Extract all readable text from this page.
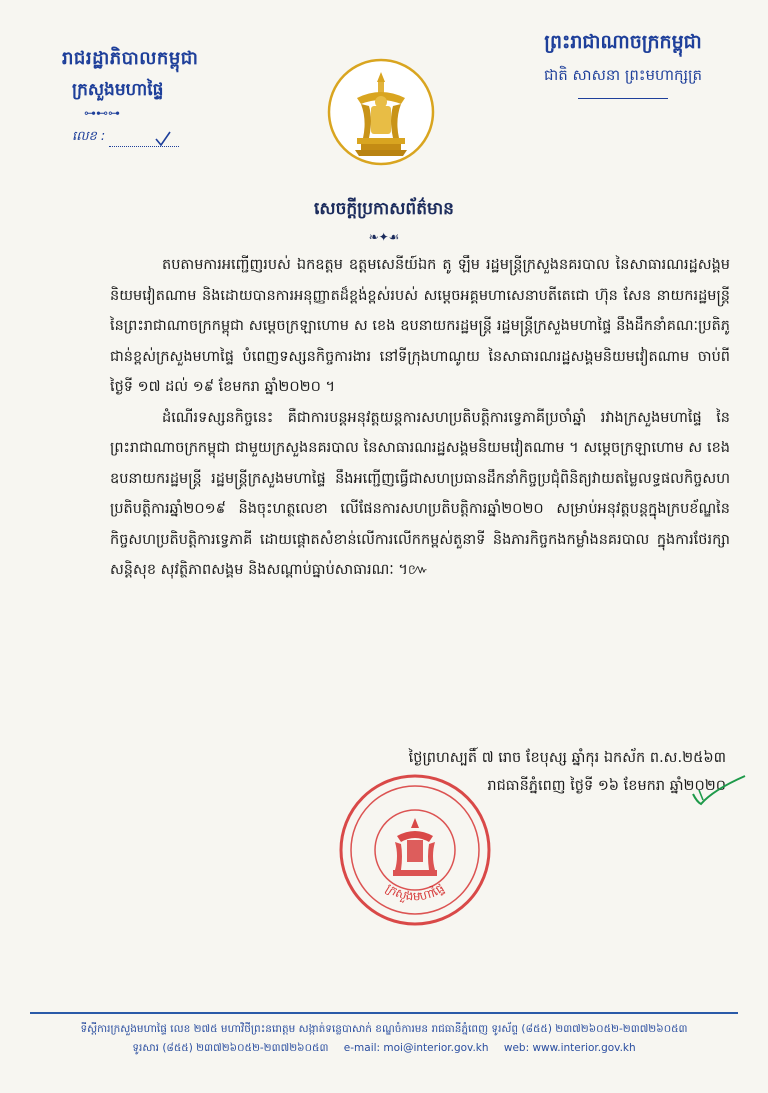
រាជរដ្ឋាភិបាលកម្ពុជា
ក្រសួងមហាផ្ទៃ
⊶⊷⊶
លេខ :
ព្រះរាជាណាចក្រកម្ពុជា
ជាតិ សាសនា ព្រះមហាក្សត្រ
សេចក្តីប្រកាសព័ត៌មាន
❧✦☙

តបតាមការអញ្ជើញរបស់ ឯកឧត្តម ឧត្តមសេនីយ៍ឯក តូ ឡឹម រដ្ឋមន្ត្រីក្រសួងនគរបាល នៃសាធារណរដ្ឋសង្គមនិយមវៀតណាម និងដោយបានការអនុញ្ញាតដ៏ខ្ពង់ខ្ពស់របស់ សម្តេចអគ្គមហាសេនាបតីតេជោ ហ៊ុន សែន នាយករដ្ឋមន្ត្រី នៃព្រះរាជាណាចក្រកម្ពុជា សម្តេចក្រឡាហោម ស ខេង ឧបនាយករដ្ឋមន្ត្រី រដ្ឋមន្ត្រីក្រសួងមហាផ្ទៃ នឹងដឹកនាំគណៈប្រតិភូជាន់ខ្ពស់ក្រសួងមហាផ្ទៃ បំពេញទស្សនកិច្ចការងារ នៅទីក្រុងហាណូយ នៃសាធារណរដ្ឋសង្គមនិយមវៀតណាម ចាប់ពីថ្ងៃទី ១៧ ដល់ ១៩ ខែមករា ឆ្នាំ២០២០ ។

ដំណើរទស្សនកិច្ចនេះ គឺជាការបន្តអនុវត្តយន្តការសហប្រតិបត្តិការទ្វេភាគីប្រចាំឆ្នាំ រវាងក្រសួងមហាផ្ទៃ នៃព្រះរាជាណាចក្រកម្ពុជា ជាមួយក្រសួងនគរបាល នៃសាធារណរដ្ឋសង្គមនិយមវៀតណាម ។ សម្តេចក្រឡាហោម ស ខេង ឧបនាយករដ្ឋមន្ត្រី រដ្ឋមន្ត្រីក្រសួងមហាផ្ទៃ នឹងអញ្ជើញធ្វើជាសហប្រធានដឹកនាំកិច្ចប្រជុំពិនិត្យវាយតម្លៃលទ្ធផលកិច្ចសហប្រតិបត្តិការឆ្នាំ២០១៩ និងចុះហត្ថលេខា លើផែនការសហប្រតិបត្តិការឆ្នាំ២០២០ សម្រាប់អនុវត្តបន្តក្នុងក្របខ័ណ្ឌនៃកិច្ចសហប្រតិបត្តិការទ្វេភាគី ដោយផ្តោតសំខាន់លើការលើកកម្ពស់តួនាទី និងភារកិច្ចកងកម្លាំងនគរបាល ក្នុងការថែរក្សាសន្តិសុខ សុវត្ថិភាពសង្គម និងសណ្តាប់ធ្នាប់សាធារណៈ ។៚

ថ្ងៃព្រហស្បតិ៍ ៧ រោច ខែបុស្ស ឆ្នាំកុរ ឯកស័ក ព.ស.២៥៦៣
រាជធានីភ្នំពេញ ថ្ងៃទី ១៦ ខែមករា ឆ្នាំ២០២០
ក្រសួងមហាផ្ទៃ
ទីស្តីការក្រសួងមហាផ្ទៃ លេខ ២៧៥ មហាវិថីព្រះនរោត្តម សង្កាត់ទន្លេបាសាក់ ខណ្ឌចំការមន រាជធានីភ្នំពេញ ទូរស័ព្ទ (៨៥៥) ២៣៧២៦០៥២-២៣៧២៦០៥៣
ទូរសារ (៨៥៥) ២៣៧២៦០៥២-២៣៧២៦០៥៣ e-mail: moi@interior.gov.kh web: www.interior.gov.kh
